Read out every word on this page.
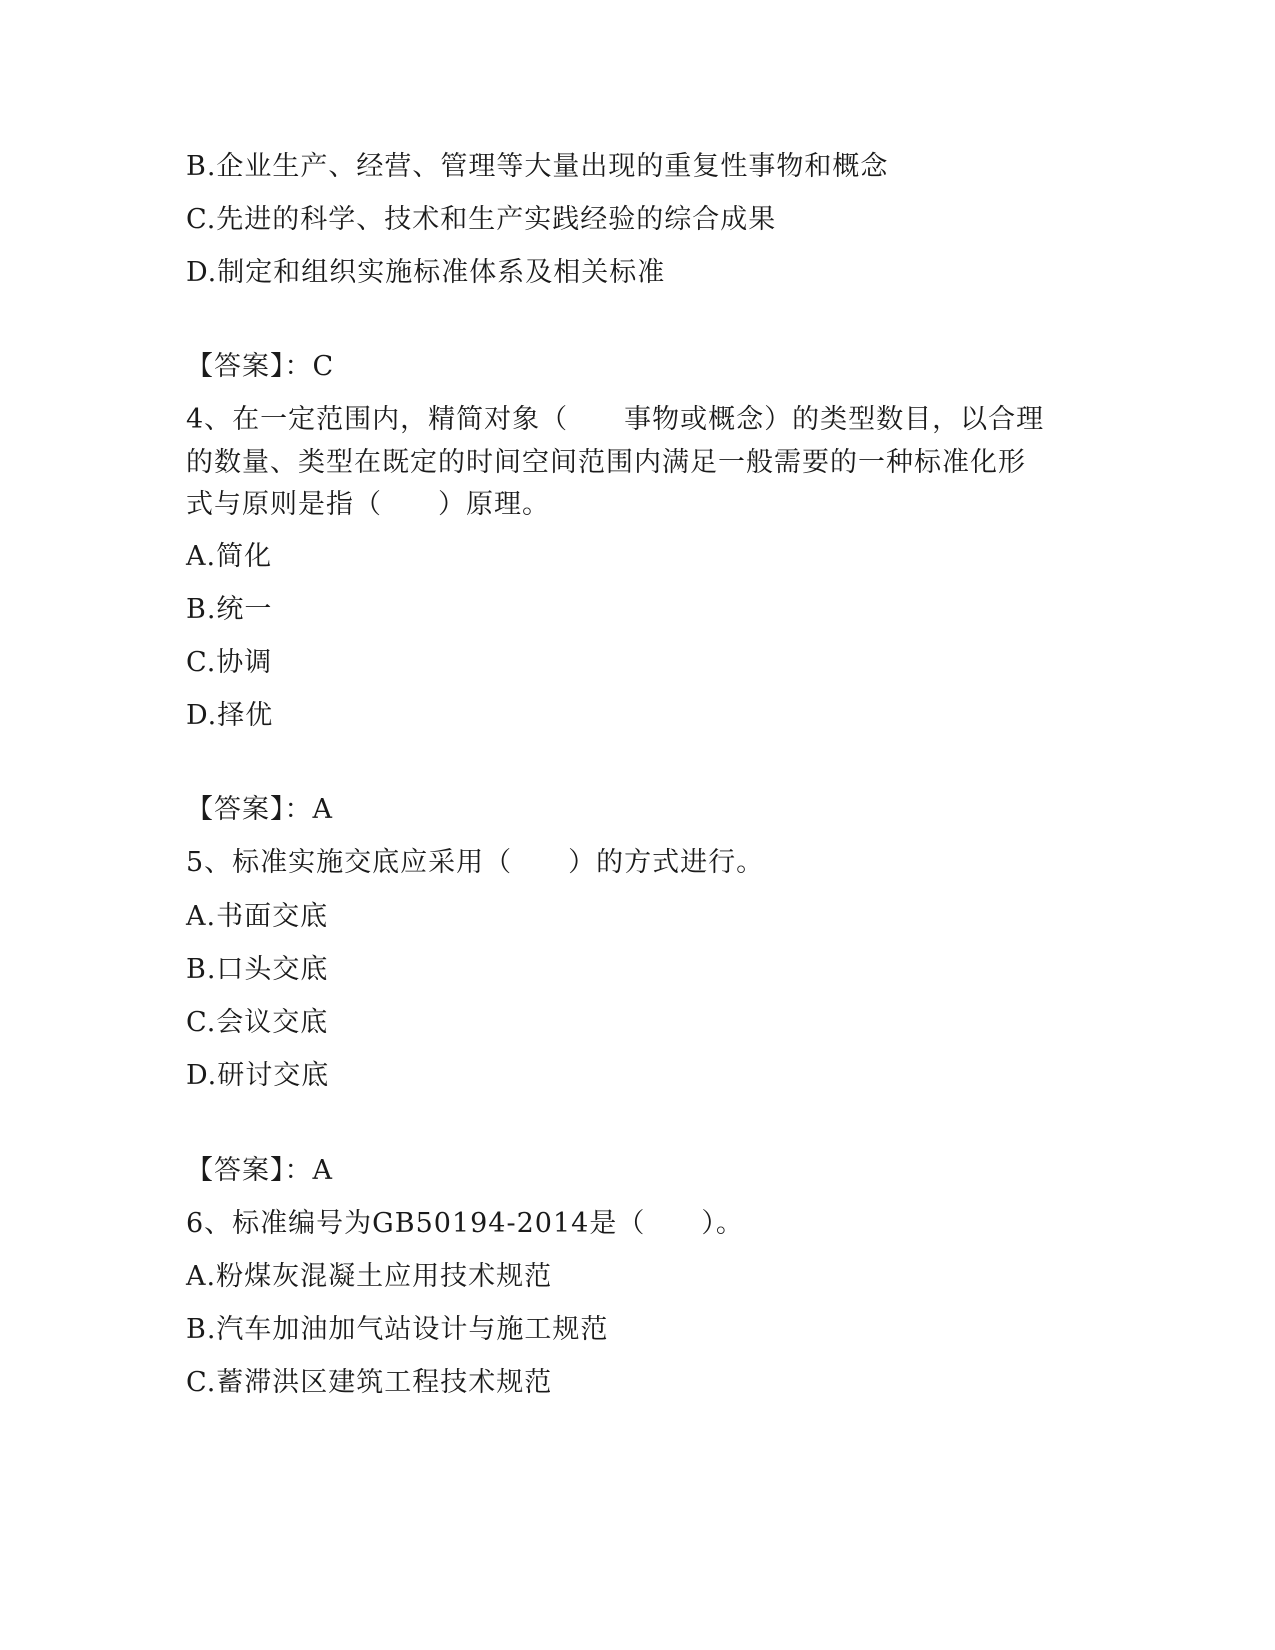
B.企业生产、经营、管理等大量出现的重复性事物和概念
C.先进的科学、技术和生产实践经验的综合成果
D.制定和组织实施标准体系及相关标准
【答案】：C
4、在一定范围内，精简对象（　　事物或概念）的类型数目，以合理
的数量、类型在既定的时间空间范围内满足一般需要的一种标准化形
式与原则是指（　　）原理。
A.简化
B.统一
C.协调
D.择优
【答案】：A
5、标准实施交底应采用（　　）的方式进行。
A.书面交底
B.口头交底
C.会议交底
D.研讨交底
【答案】：A
6、标准编号为GB50194-2014是（　　）。
A.粉煤灰混凝土应用技术规范
B.汽车加油加气站设计与施工规范
C.蓄滞洪区建筑工程技术规范
